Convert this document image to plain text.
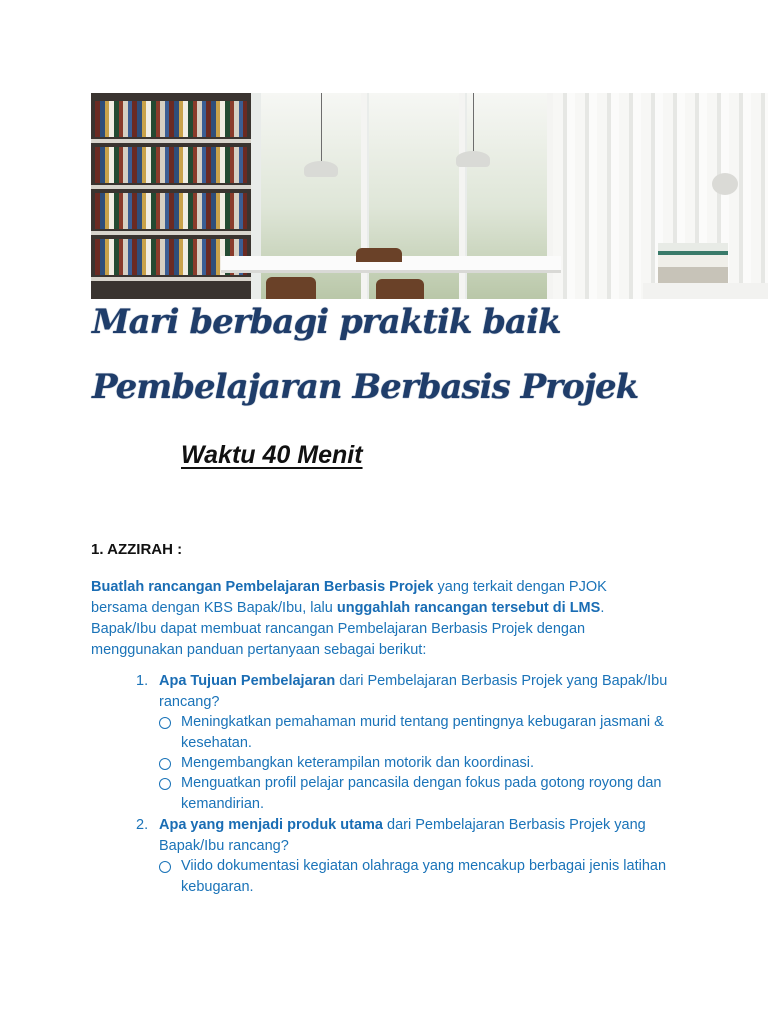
Mari berbagi praktik baik
Pembelajaran Berbasis Projek
Waktu 40 Menit
1. AZZIRAH :

Buatlah rancangan Pembelajaran Berbasis Projek yang terkait dengan PJOK bersama dengan KBS Bapak/Ibu, lalu unggahlah rancangan tersebut di LMS. Bapak/Ibu dapat membuat rancangan Pembelajaran Berbasis Projek dengan menggunakan panduan pertanyaan sebagai berikut:

1. Apa Tujuan Pembelajaran dari Pembelajaran Berbasis Projek yang Bapak/Ibu rancang?
Meningkatkan pemahaman murid tentang pentingnya kebugaran jasmani & kesehatan.
Mengembangkan keterampilan motorik dan koordinasi.
Menguatkan profil pelajar pancasila dengan fokus pada gotong royong dan kemandirian.
2. Apa yang menjadi produk utama dari Pembelajaran Berbasis Projek yang Bapak/Ibu rancang?
Viido dokumentasi kegiatan olahraga yang mencakup berbagai jenis latihan kebugaran.
